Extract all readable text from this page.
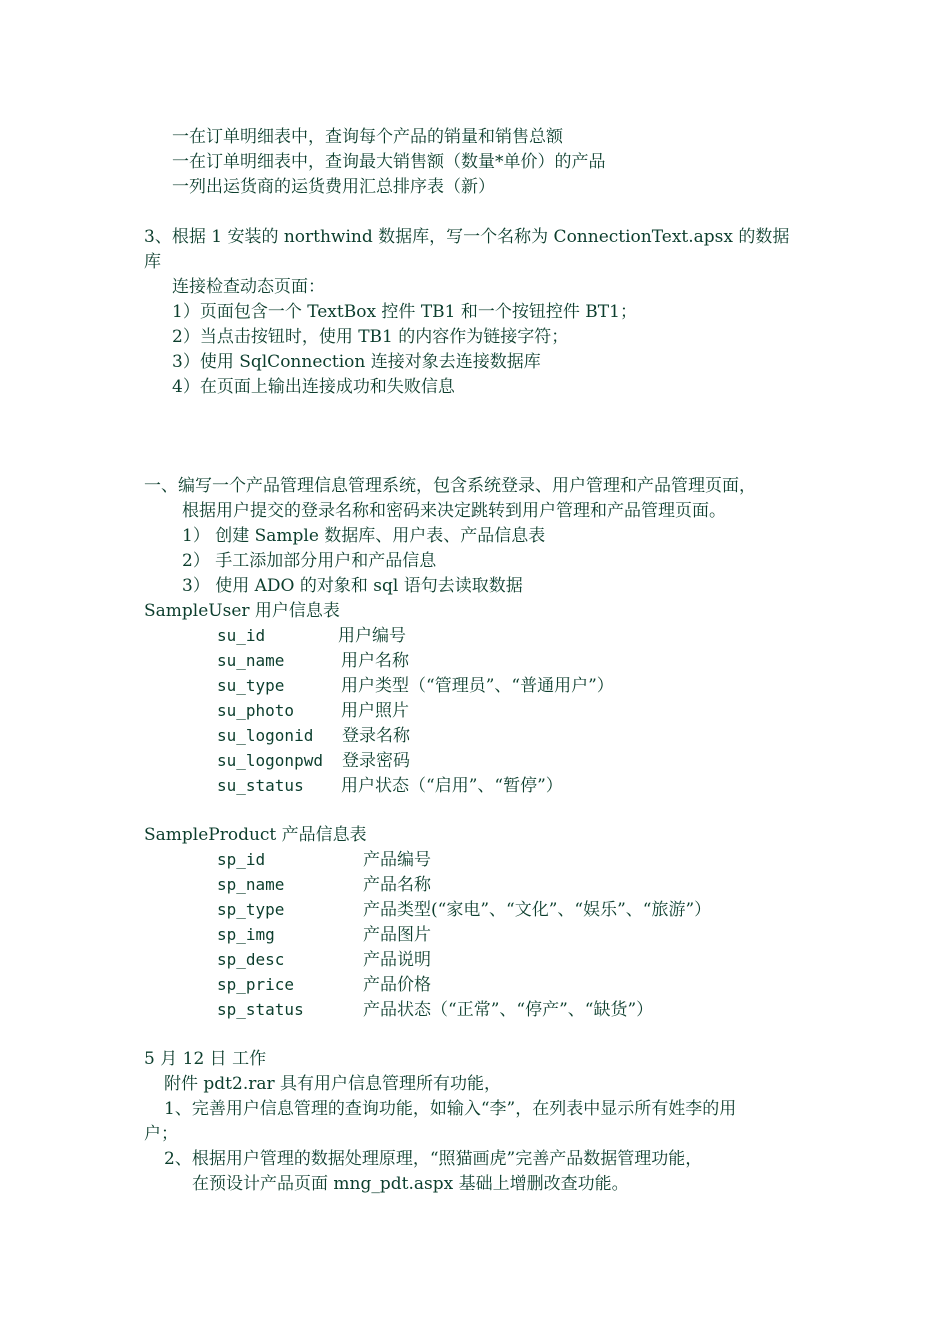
一在订单明细表中，查询每个产品的销量和销售总额
一在订单明细表中，查询最大销售额（数量*单价）的产品
一列出运货商的运货费用汇总排序表（新）
3、根据 1 安装的 northwind 数据库，写一个名称为 ConnectionText.apsx 的数据
库
连接检查动态页面：
1）页面包含一个 TextBox 控件 TB1 和一个按钮控件 BT1；
2）当点击按钮时，使用 TB1 的内容作为链接字符；
3）使用 SqlConnection 连接对象去连接数据库
4）在页面上输出连接成功和失败信息
一、编写一个产品管理信息管理系统，包含系统登录、用户管理和产品管理页面，
根据用户提交的登录名称和密码来决定跳转到用户管理和产品管理页面。
1） 创建 Sample 数据库、用户表、产品信息表
2） 手工添加部分用户和产品信息
3） 使用 ADO 的对象和 sql 语句去读取数据
SampleUser 用户信息表
su_id	用户编号
su_name	用户名称
su_type	用户类型（“管理员”、“普通用户”）
su_photo	用户照片
su_logonid 登录名称
su_logonpwd 登录密码
su_status 用户状态（“启用”、“暂停”）
SampleProduct 产品信息表
sp_id	产品编号
sp_name	产品名称
sp_type	产品类型(“家电”、“文化”、“娱乐”、“旅游”）
sp_img	产品图片
sp_desc	产品说明
sp_price	产品价格
sp_status	产品状态（“正常”、“停产”、“缺货”）
5 月 12 日 工作
附件 pdt2.rar 具有用户信息管理所有功能，
1、完善用户信息管理的查询功能，如输入“李”，在列表中显示所有姓李的用
户；
2、根据用户管理的数据处理原理，“照猫画虎”完善产品数据管理功能，
在预设计产品页面 mng_pdt.aspx 基础上增删改查功能。
